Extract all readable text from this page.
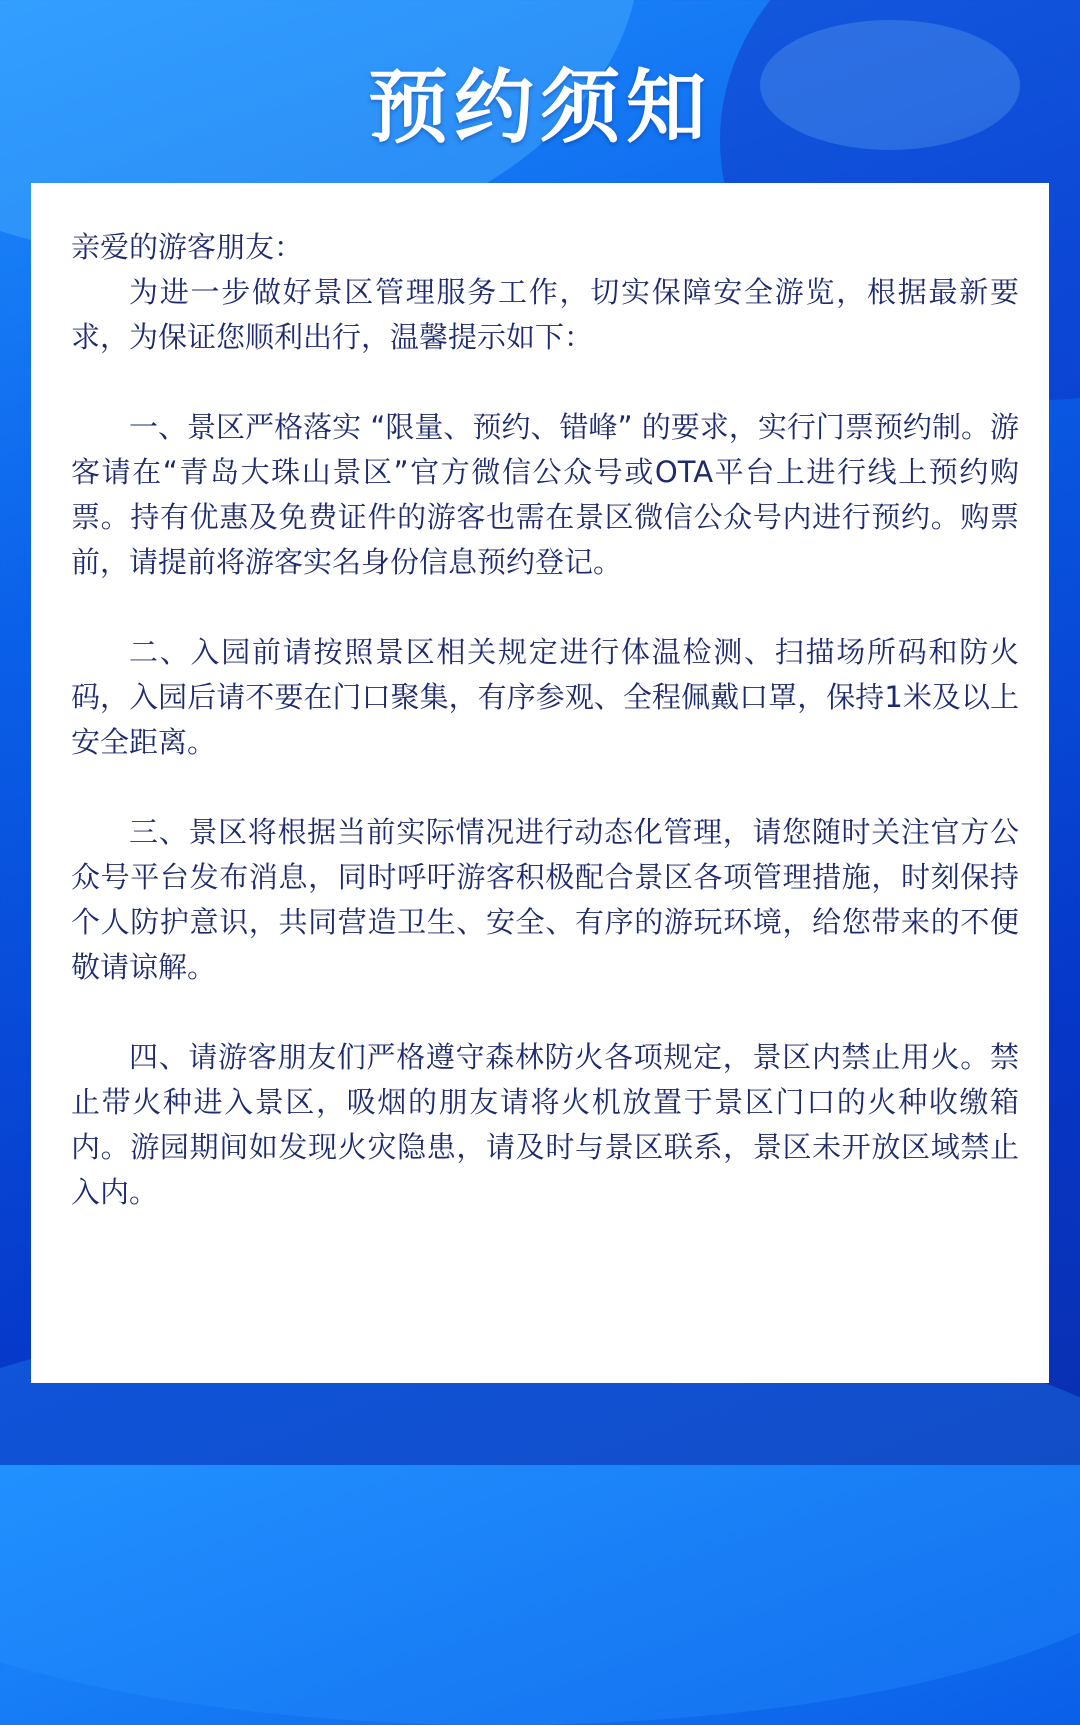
预约须知

亲爱的游客朋友：

为进一步做好景区管理服务工作，切实保障安全游览，根据最新要求，为保证您顺利出行，温馨提示如下：

一、景区严格落实 “限量、预约、错峰” 的要求，实行门票预约制。游客请在“青岛大珠山景区”官方微信公众号或OTA平台上进行线上预约购票。持有优惠及免费证件的游客也需在景区微信公众号内进行预约。购票前，请提前将游客实名身份信息预约登记。

二、入园前请按照景区相关规定进行体温检测、扫描场所码和防火码，入园后请不要在门口聚集，有序参观、全程佩戴口罩，保持1米及以上安全距离。

三、景区将根据当前实际情况进行动态化管理，请您随时关注官方公众号平台发布消息，同时呼吁游客积极配合景区各项管理措施，时刻保持个人防护意识，共同营造卫生、安全、有序的游玩环境，给您带来的不便敬请谅解。

四、请游客朋友们严格遵守森林防火各项规定，景区内禁止用火。禁止带火种进入景区，吸烟的朋友请将火机放置于景区门口的火种收缴箱内。游园期间如发现火灾隐患，请及时与景区联系，景区未开放区域禁止入内。
